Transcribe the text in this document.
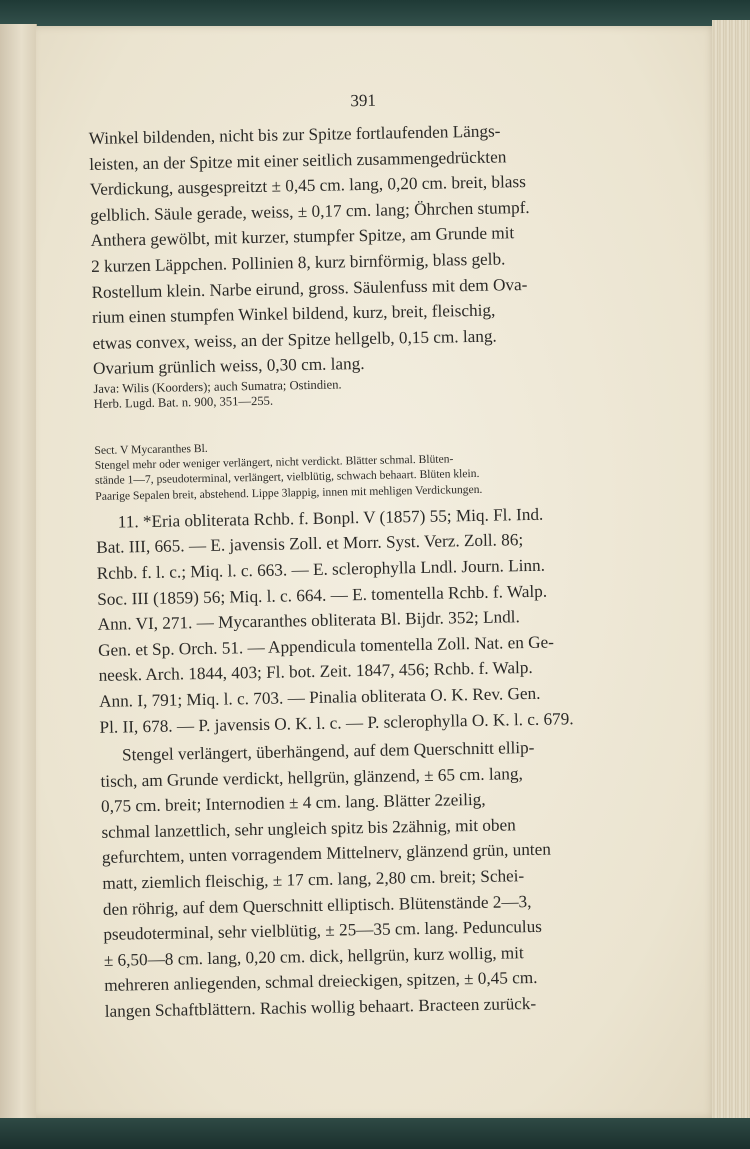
391
Winkel bildenden, nicht bis zur Spitze fortlaufenden Längs-
leisten, an der Spitze mit einer seitlich zusammengedrückten
Verdickung, ausgespreitzt ± 0,45 cm. lang, 0,20 cm. breit, blass
gelblich. Säule gerade, weiss, ± 0,17 cm. lang; Öhrchen stumpf.
Anthera gewölbt, mit kurzer, stumpfer Spitze, am Grunde mit
2 kurzen Läppchen. Pollinien 8, kurz birnförmig, blass gelb.
Rostellum klein. Narbe eirund, gross. Säulenfuss mit dem Ova-
rium einen stumpfen Winkel bildend, kurz, breit, fleischig,
etwas convex, weiss, an der Spitze hellgelb, 0,15 cm. lang.
Ovarium grünlich weiss, 0,30 cm. lang.
Java: Wilis (Koorders); auch Sumatra; Ostindien.
Herb. Lugd. Bat. n. 900, 351—255.
Sect. V Mycaranthes Bl.
Stengel mehr oder weniger verlängert, nicht verdickt. Blätter schmal. Blüten-
stände 1—7, pseudoterminal, verlängert, vielblütig, schwach behaart. Blüten klein.
Paarige Sepalen breit, abstehend. Lippe 3lappig, innen mit mehligen Verdickungen.
11. *Eria obliterata Rchb. f. Bonpl. V (1857) 55; Miq. Fl. Ind.
Bat. III, 665. — E. javensis Zoll. et Morr. Syst. Verz. Zoll. 86;
Rchb. f. l. c.; Miq. l. c. 663. — E. sclerophylla Lndl. Journ. Linn.
Soc. III (1859) 56; Miq. l. c. 664. — E. tomentella Rchb. f. Walp.
Ann. VI, 271. — Mycaranthes obliterata Bl. Bijdr. 352; Lndl.
Gen. et Sp. Orch. 51. — Appendicula tomentella Zoll. Nat. en Ge-
neesk. Arch. 1844, 403; Fl. bot. Zeit. 1847, 456; Rchb. f. Walp.
Ann. I, 791; Miq. l. c. 703. — Pinalia obliterata O. K. Rev. Gen.
Pl. II, 678. — P. javensis O. K. l. c. — P. sclerophylla O. K. l. c. 679.
Stengel verlängert, überhängend, auf dem Querschnitt ellip-
tisch, am Grunde verdickt, hellgrün, glänzend, ± 65 cm. lang,
0,75 cm. breit; Internodien ± 4 cm. lang. Blätter 2zeilig,
schmal lanzettlich, sehr ungleich spitz bis 2zähnig, mit oben
gefurchtem, unten vorragendem Mittelnerv, glänzend grün, unten
matt, ziemlich fleischig, ± 17 cm. lang, 2,80 cm. breit; Schei-
den röhrig, auf dem Querschnitt elliptisch. Blütenstände 2—3,
pseudoterminal, sehr vielblütig, ± 25—35 cm. lang. Pedunculus
± 6,50—8 cm. lang, 0,20 cm. dick, hellgrün, kurz wollig, mit
mehreren anliegenden, schmal dreieckigen, spitzen, ± 0,45 cm.
langen Schaftblättern. Rachis wollig behaart. Bracteen zurück-
